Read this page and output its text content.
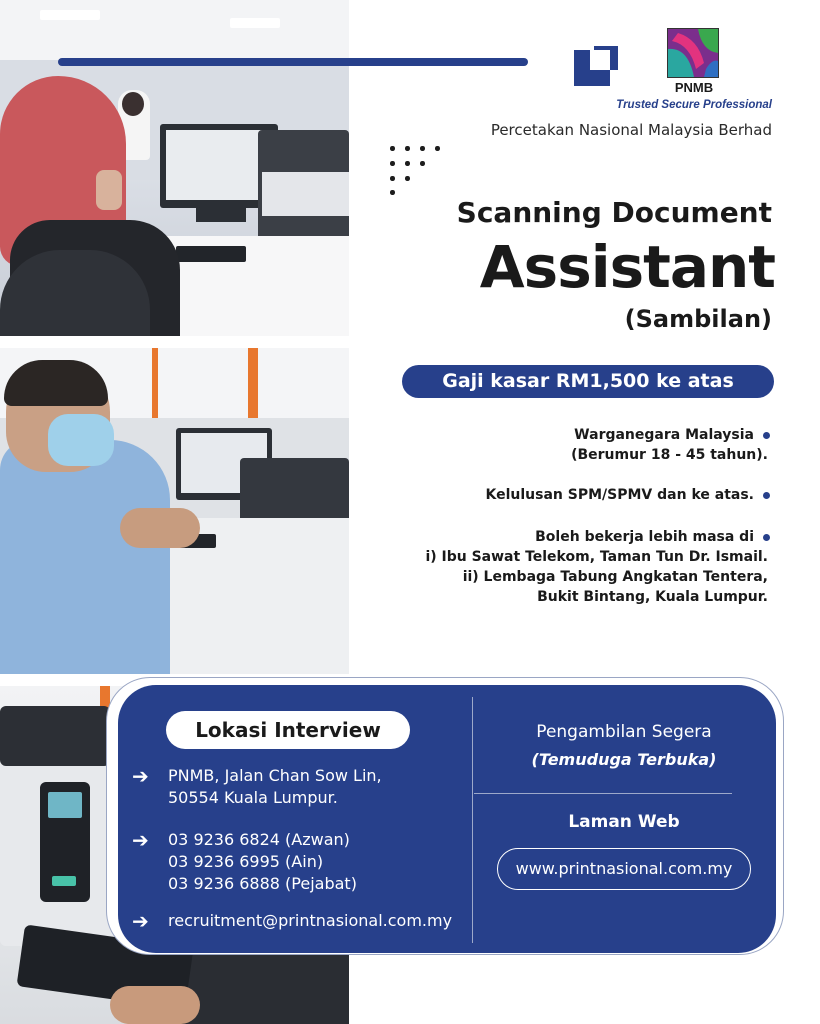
PNMB
Trusted Secure Professional
Percetakan Nasional Malaysia Berhad
Scanning Document
Assistant
(Sambilan)
Gaji kasar RM1,500 ke atas
Warganegara Malaysia
(Berumur 18 - 45 tahun).
Kelulusan SPM/SPMV dan ke atas.
Boleh bekerja lebih masa di
i) Ibu Sawat Telekom, Taman Tun Dr. Ismail.
ii) Lembaga Tabung Angkatan Tentera,
Bukit Bintang, Kuala Lumpur.
Lokasi Interview
➔ PNMB, Jalan Chan Sow Lin,
50554 Kuala Lumpur.
➔ 03 9236 6824 (Azwan)
03 9236 6995 (Ain)
03 9236 6888 (Pejabat)
➔ recruitment@printnasional.com.my
Pengambilan Segera
(Temuduga Terbuka)
Laman Web
www.printnasional.com.my
